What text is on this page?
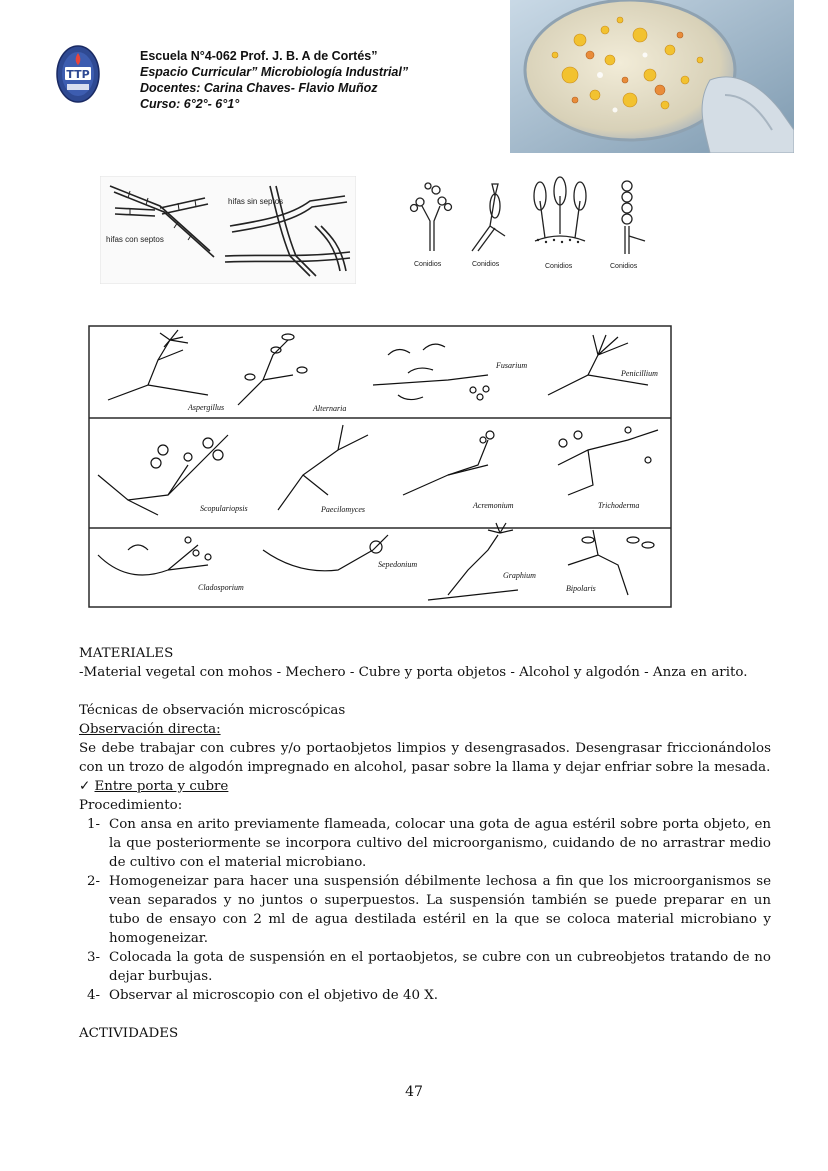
TTP
Escuela N°4-062 Prof. J. B. A de Cortés”
Espacio Curricular” Microbiología Industrial”
Docentes: Carina Chaves- Flavio Muñoz
Curso: 6°2°- 6°1°
hifas con septos
hifas sin septos
Conidios	Conidios	Conidios	Conidios
Aspergillus	Alternaria
Fusarium
Penicillium
Scopulariopsis	Paecilomyces	Acremonium	Trichoderma
Cladosporium
Sepedonium
Graphium
Bipolaris

MATERIALES

-Material vegetal con mohos - Mechero - Cubre y porta objetos - Alcohol y algodón - Anza en arito.

Técnicas de observación microscópicas

Observación directa:

Se debe trabajar con cubres y/o portaobjetos limpios y desengrasados. Desengrasar friccionándolos con un trozo de algodón impregnado en alcohol, pasar sobre la llama y dejar enfriar sobre la mesada.

✓ Entre porta y cubre

Procedimiento:

1- Con ansa en arito previamente flameada, colocar una gota de agua estéril sobre porta objeto, en la que posteriormente se incorpora cultivo del microorganismo, cuidando de no arrastrar medio de cultivo con el material microbiano.
2- Homogeneizar para hacer una suspensión débilmente lechosa a fin que los microorganismos se vean separados y no juntos o superpuestos. La suspensión también se puede preparar en un tubo de ensayo con 2 ml de agua destilada estéril en la que se coloca material microbiano y homogeneizar.
3- Colocada la gota de suspensión en el portaobjetos, se cubre con un cubreobjetos tratando de no dejar burbujas.
4- Observar al microscopio con el objetivo de 40 X.

ACTIVIDADES

47
